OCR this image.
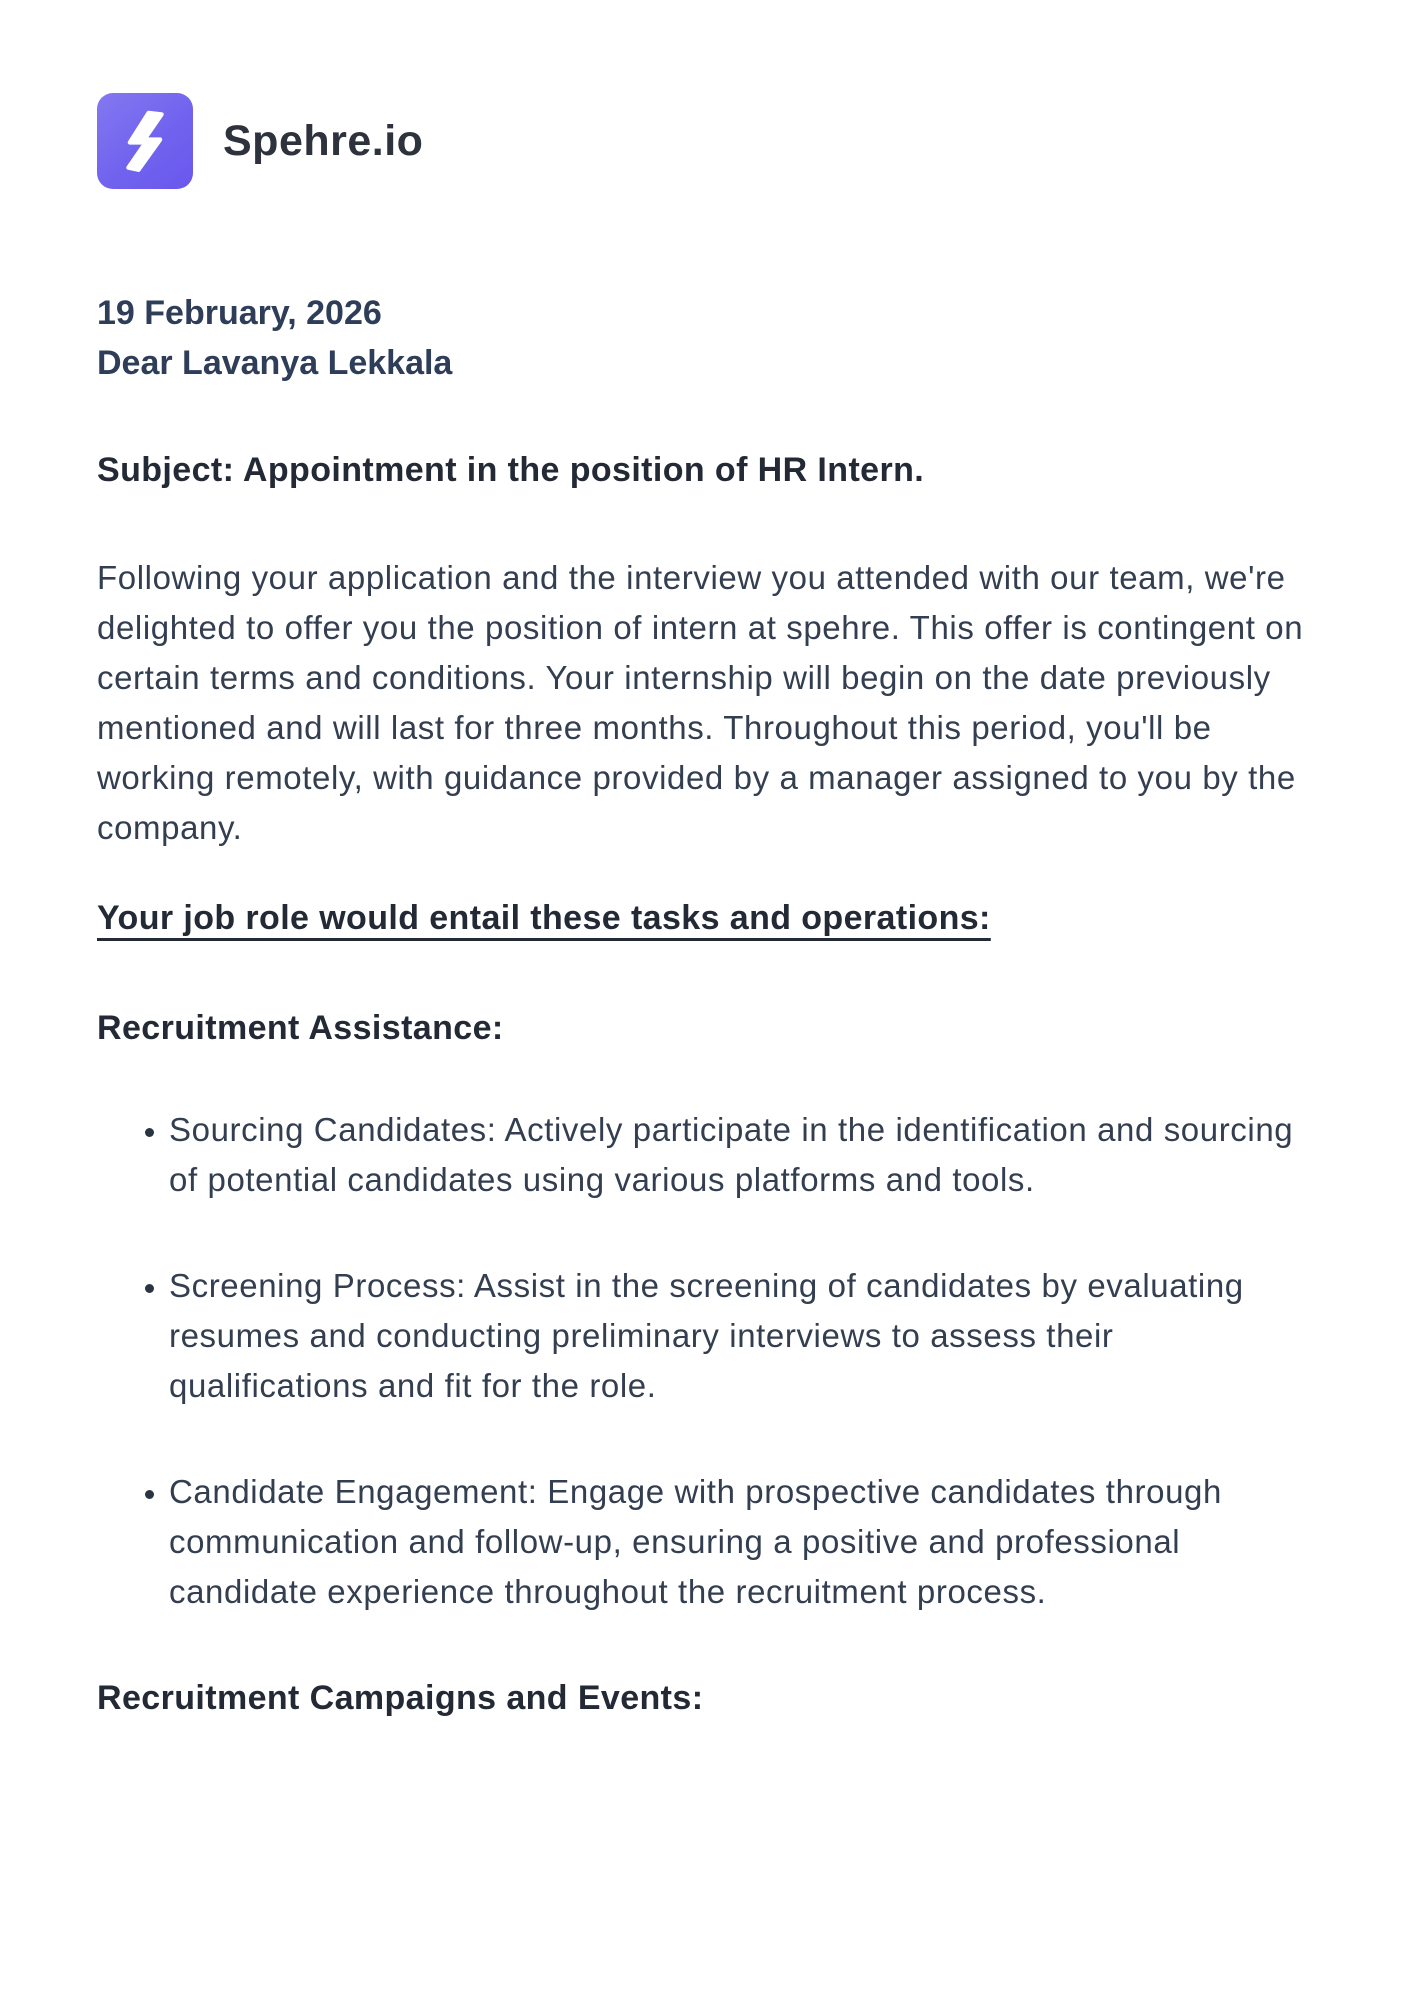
Spehre.io
19 February, 2026
Dear Lavanya Lekkala
Subject: Appointment in the position of HR Intern.

Following your application and the interview you attended with our team, we're delighted to offer you the position of intern at spehre. This offer is contingent on certain terms and conditions. Your internship will begin on the date previously mentioned and will last for three months. Throughout this period, you'll be working remotely, with guidance provided by a manager assigned to you by the company.

Your job role would entail these tasks and operations:
Recruitment Assistance:
• Sourcing Candidates: Actively participate in the identification and sourcing of potential candidates using various platforms and tools.
• Screening Process: Assist in the screening of candidates by evaluating resumes and conducting preliminary interviews to assess their qualifications and fit for the role.
• Candidate Engagement: Engage with prospective candidates through communication and follow-up, ensuring a positive and professional candidate experience throughout the recruitment process.
Recruitment Campaigns and Events:
